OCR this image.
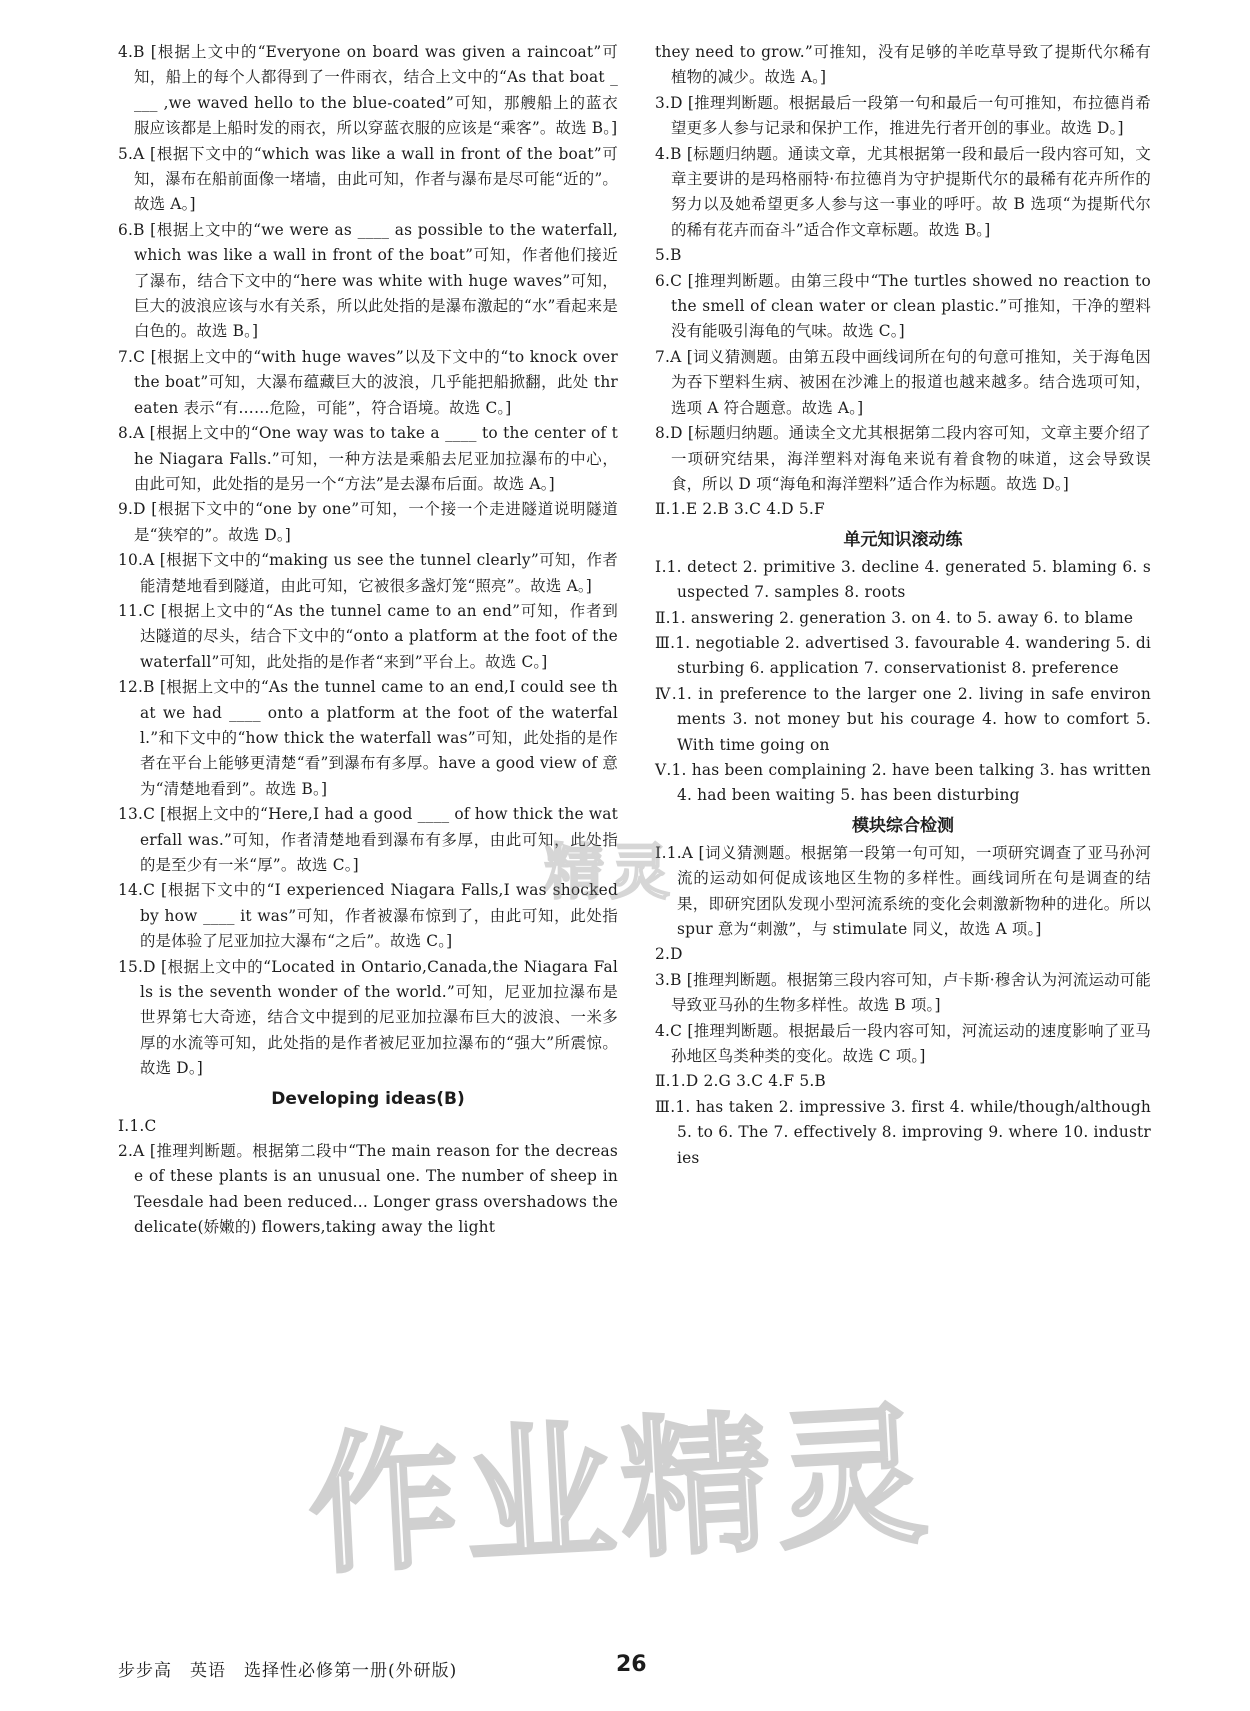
4.B [根据上文中的“Everyone on board was given a raincoat”可知，船上的每个人都得到了一件雨衣，结合上文中的“As that boat ____ ,we waved hello to the blue-coated”可知，那艘船上的蓝衣服应该都是上船时发的雨衣，所以穿蓝衣服的应该是“乘客”。故选 B。]
5.A [根据下文中的“which was like a wall in front of the boat”可知，瀑布在船前面像一堵墙，由此可知，作者与瀑布是尽可能“近的”。故选 A。]
6.B [根据上文中的“we were as ____ as possible to the waterfall,which was like a wall in front of the boat”可知，作者他们接近了瀑布，结合下文中的“here was white with huge waves”可知，巨大的波浪应该与水有关系，所以此处指的是瀑布激起的“水”看起来是白色的。故选 B。]
7.C [根据上文中的“with huge waves”以及下文中的“to knock over the boat”可知，大瀑布蕴藏巨大的波浪，几乎能把船掀翻，此处 threaten 表示“有……危险，可能”，符合语境。故选 C。]
8.A [根据上文中的“One way was to take a ____ to the center of the Niagara Falls.”可知，一种方法是乘船去尼亚加拉瀑布的中心，由此可知，此处指的是另一个“方法”是去瀑布后面。故选 A。]
9.D [根据下文中的“one by one”可知，一个接一个走进隧道说明隧道是“狭窄的”。故选 D。]
10.A [根据下文中的“making us see the tunnel clearly”可知，作者能清楚地看到隧道，由此可知，它被很多盏灯笼“照亮”。故选 A。]
11.C [根据上文中的“As the tunnel came to an end”可知，作者到达隧道的尽头，结合下文中的“onto a platform at the foot of the waterfall”可知，此处指的是作者“来到”平台上。故选 C。]
12.B [根据上文中的“As the tunnel came to an end,I could see that we had ____ onto a platform at the foot of the waterfall.”和下文中的“how thick the waterfall was”可知，此处指的是作者在平台上能够更清楚“看”到瀑布有多厚。have a good view of 意为“清楚地看到”。故选 B。]
13.C [根据上文中的“Here,I had a good ____ of how thick the waterfall was.”可知，作者清楚地看到瀑布有多厚，由此可知，此处指的是至少有一米“厚”。故选 C。]
14.C [根据下文中的“I experienced Niagara Falls,I was shocked by how ____ it was”可知，作者被瀑布惊到了，由此可知，此处指的是体验了尼亚加拉大瀑布“之后”。故选 C。]
15.D [根据上文中的“Located in Ontario,Canada,the Niagara Falls is the seventh wonder of the world.”可知，尼亚加拉瀑布是世界第七大奇迹，结合文中提到的尼亚加拉瀑布巨大的波浪、一米多厚的水流等可知，此处指的是作者被尼亚加拉瀑布的“强大”所震惊。故选 D。]
Developing ideas(B)
Ⅰ.1.C
2.A [推理判断题。根据第二段中“The main reason for the decrease of these plants is an unusual one. The number of sheep in Teesdale had been reduced... Longer grass overshadows the delicate(娇嫩的) flowers,taking away the light
they need to grow.”可推知，没有足够的羊吃草导致了提斯代尔稀有植物的减少。故选 A。]
3.D [推理判断题。根据最后一段第一句和最后一句可推知，布拉德肖希望更多人参与记录和保护工作，推进先行者开创的事业。故选 D。]
4.B [标题归纳题。通读文章，尤其根据第一段和最后一段内容可知，文章主要讲的是玛格丽特·布拉德肖为守护提斯代尔的最稀有花卉所作的努力以及她希望更多人参与这一事业的呼吁。故 B 选项“为提斯代尔的稀有花卉而奋斗”适合作文章标题。故选 B。]
5.B
6.C [推理判断题。由第三段中“The turtles showed no reaction to the smell of clean water or clean plastic.”可推知，干净的塑料没有能吸引海龟的气味。故选 C。]
7.A [词义猜测题。由第五段中画线词所在句的句意可推知，关于海龟因为吞下塑料生病、被困在沙滩上的报道也越来越多。结合选项可知，选项 A 符合题意。故选 A。]
8.D [标题归纳题。通读全文尤其根据第二段内容可知，文章主要介绍了一项研究结果，海洋塑料对海龟来说有着食物的味道，这会导致误食，所以 D 项“海龟和海洋塑料”适合作为标题。故选 D。]
Ⅱ.1.E 2.B 3.C 4.D 5.F
单元知识滚动练
Ⅰ.1. detect 2. primitive 3. decline 4. generated 5. blaming 6. suspected 7. samples 8. roots
Ⅱ.1. answering 2. generation 3. on 4. to 5. away 6. to blame
Ⅲ.1. negotiable 2. advertised 3. favourable 4. wandering 5. disturbing 6. application 7. conservationist 8. preference
Ⅳ.1. in preference to the larger one 2. living in safe environments 3. not money but his courage 4. how to comfort 5. With time going on
Ⅴ.1. has been complaining 2. have been talking 3. has written 4. had been waiting 5. has been disturbing
模块综合检测
Ⅰ.1.A [词义猜测题。根据第一段第一句可知，一项研究调查了亚马孙河流的运动如何促成该地区生物的多样性。画线词所在句是调查的结果，即研究团队发现小型河流系统的变化会刺激新物种的进化。所以 spur 意为“刺激”，与 stimulate 同义，故选 A 项。]
2.D
3.B [推理判断题。根据第三段内容可知，卢卡斯·穆舍认为河流运动可能导致亚马孙的生物多样性。故选 B 项。]
4.C [推理判断题。根据最后一段内容可知，河流运动的速度影响了亚马孙地区鸟类种类的变化。故选 C 项。]
Ⅱ.1.D 2.G 3.C 4.F 5.B
Ⅲ.1. has taken 2. impressive 3. first 4. while/though/although 5. to 6. The 7. effectively 8. improving 9. where 10. industries
精灵
作业精灵
步步高　英语　选择性必修第一册(外研版)	26
